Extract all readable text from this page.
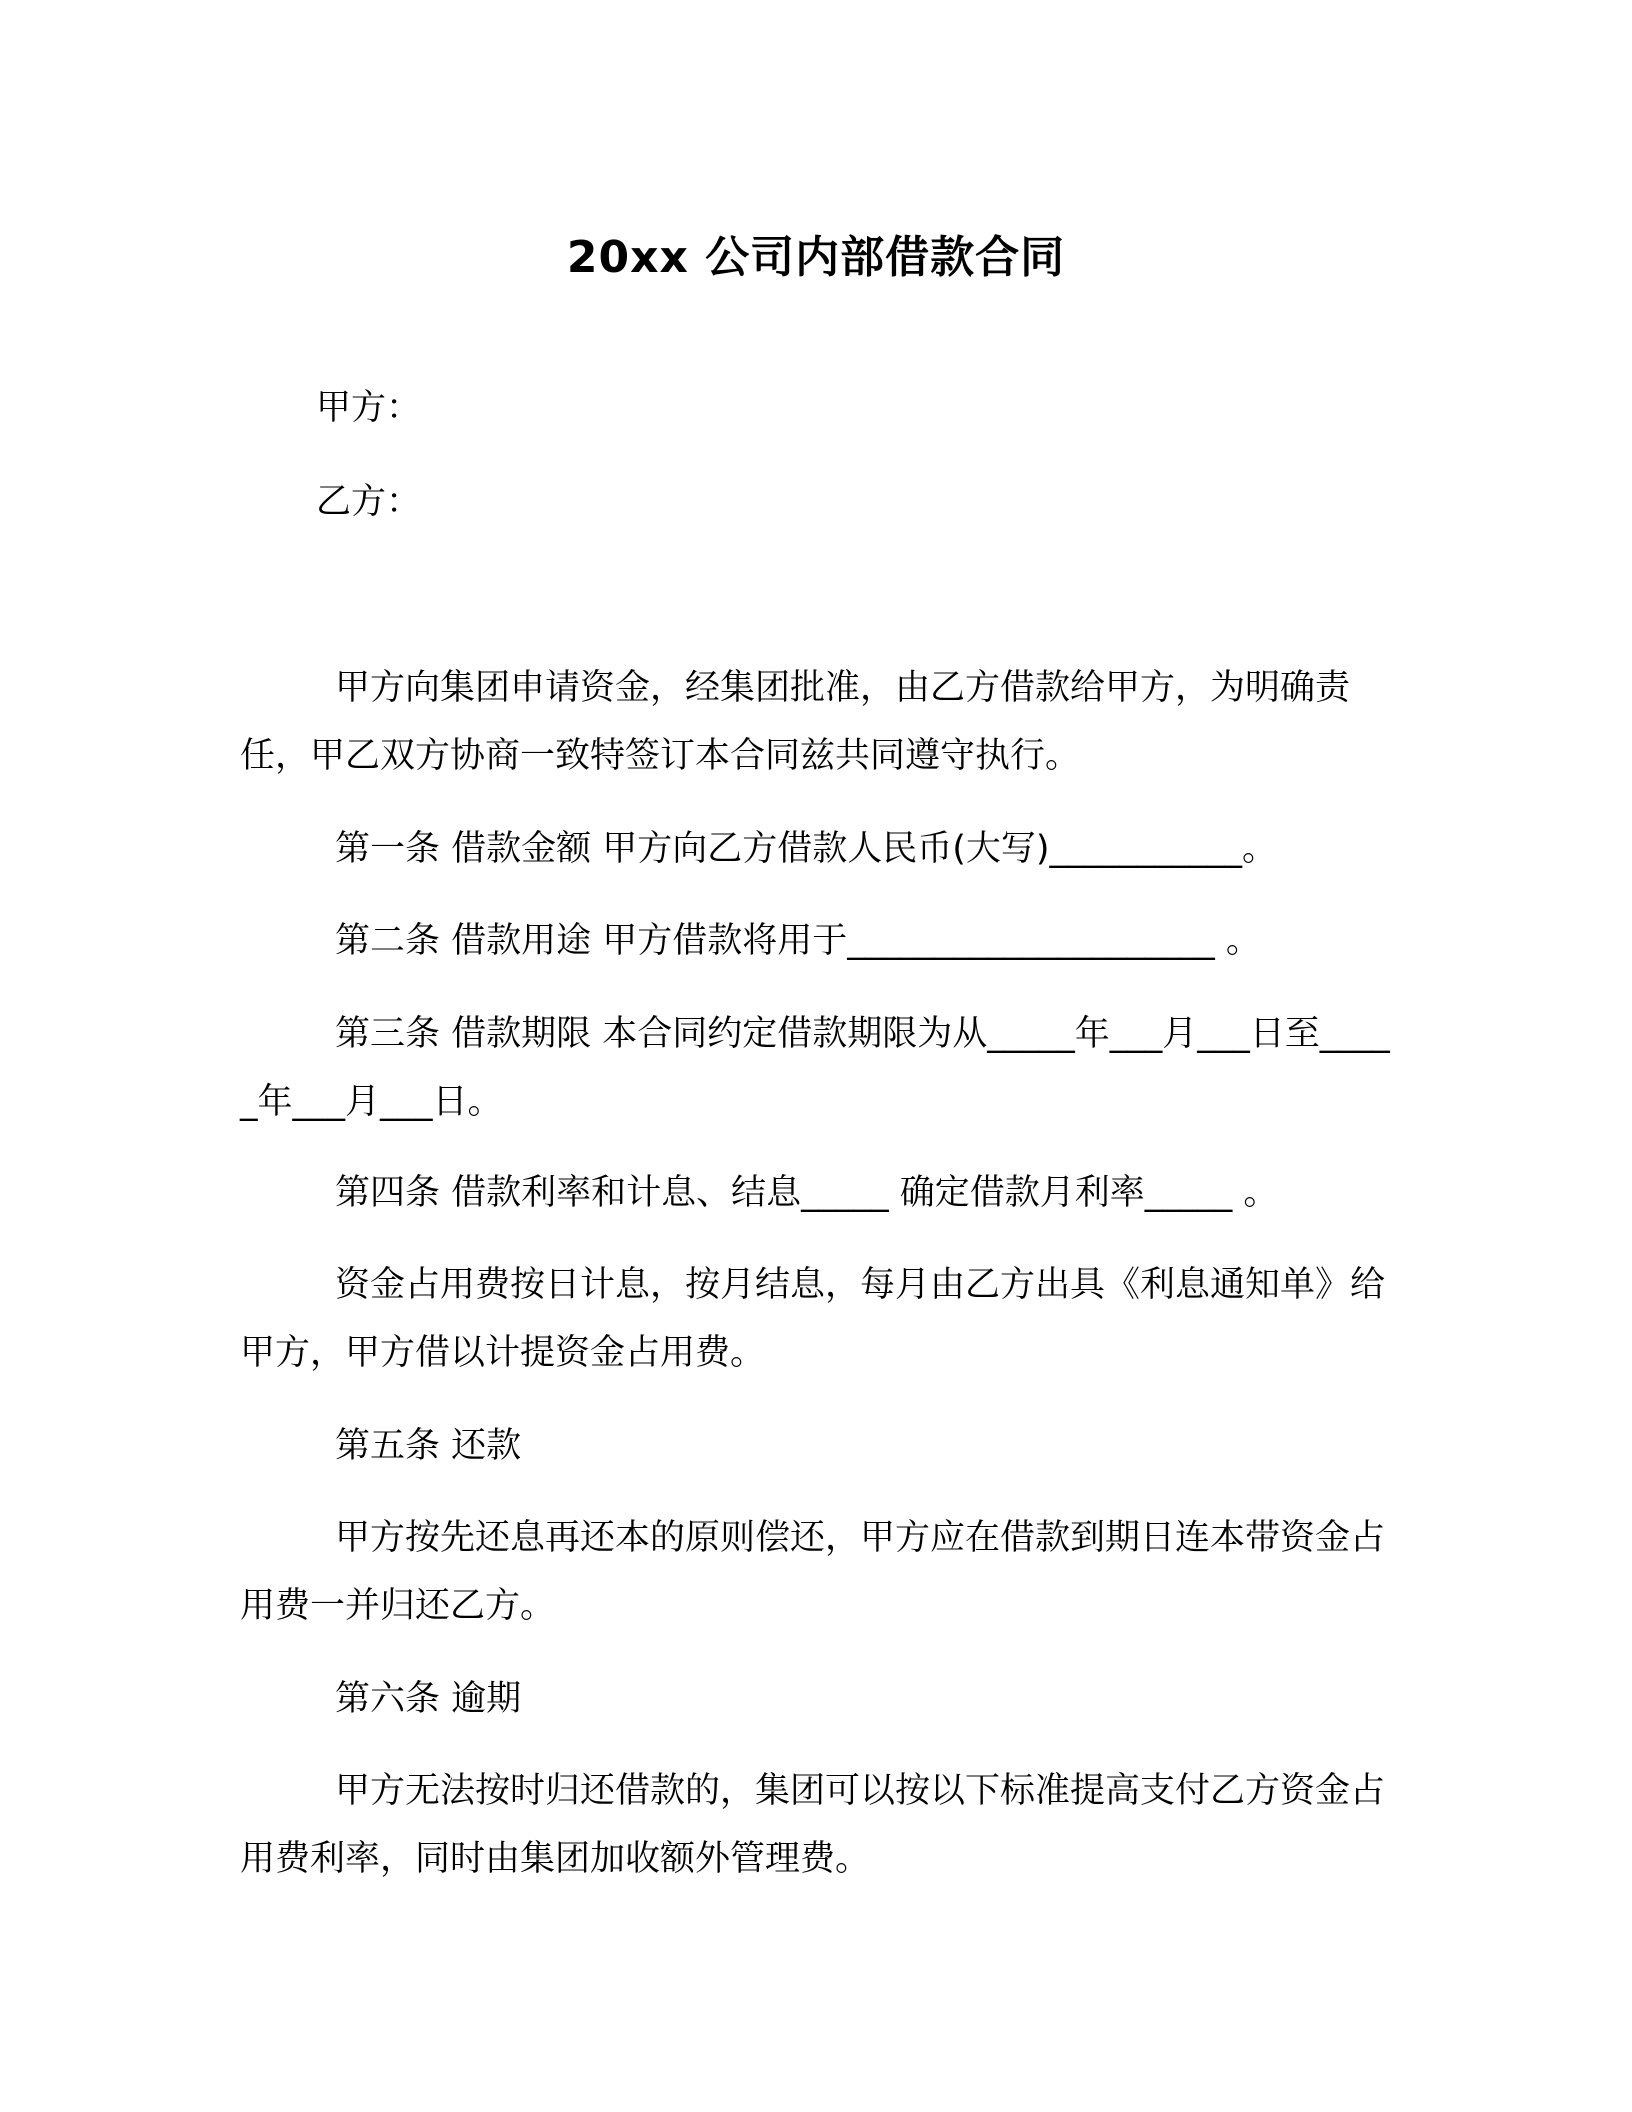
20xx 公司内部借款合同
甲方：
乙方：
甲方向集团申请资金，经集团批准，由乙方借款给甲方，为明确责任，甲乙双方协商一致特签订本合同兹共同遵守执行。
第一条 借款金额 甲方向乙方借款人民币(大写)___________。
第二条 借款用途 甲方借款将用于_____________________ 。
第三条 借款期限 本合同约定借款期限为从_____年___月___日至_____年___月___日。
第四条 借款利率和计息、结息_____ 确定借款月利率_____ 。
资金占用费按日计息，按月结息，每月由乙方出具《利息通知单》给甲方，甲方借以计提资金占用费。
第五条 还款
甲方按先还息再还本的原则偿还，甲方应在借款到期日连本带资金占用费一并归还乙方。
第六条 逾期
甲方无法按时归还借款的，集团可以按以下标准提高支付乙方资金占用费利率，同时由集团加收额外管理费。
